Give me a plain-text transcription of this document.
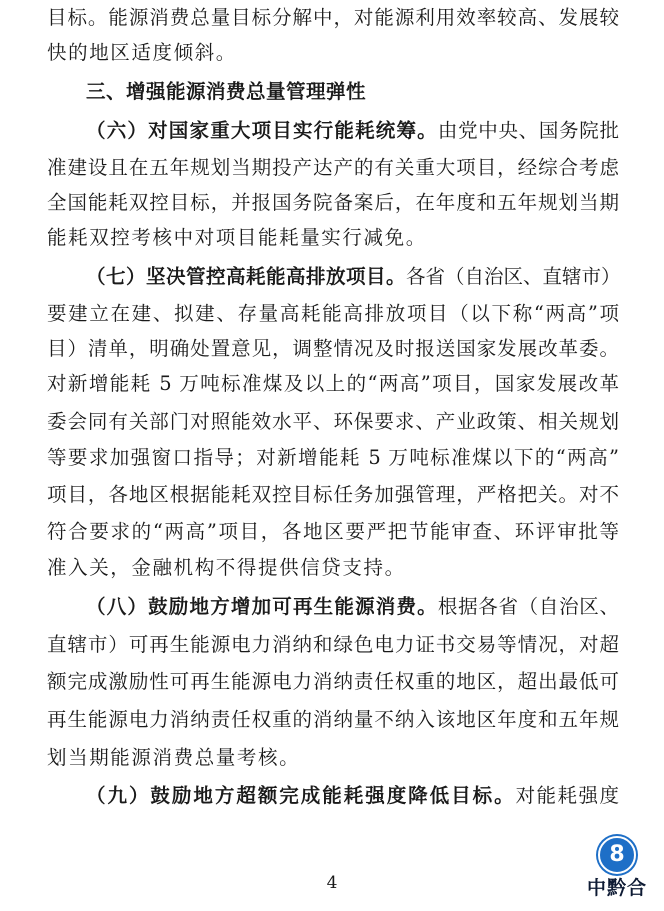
目标。能源消费总量目标分解中，对能源利用效率较高、发展较
快的地区适度倾斜。
三、增强能源消费总量管理弹性
（六）对国家重大项目实行能耗统筹。由党中央、国务院批
准建设且在五年规划当期投产达产的有关重大项目，经综合考虑
全国能耗双控目标，并报国务院备案后，在年度和五年规划当期
能耗双控考核中对项目能耗量实行减免。
（七）坚决管控高耗能高排放项目。各省（自治区、直辖市）
要建立在建、拟建、存量高耗能高排放项目（以下称“两高”项
目）清单，明确处置意见，调整情况及时报送国家发展改革委。
对新增能耗 5 万吨标准煤及以上的“两高”项目，国家发展改革
委会同有关部门对照能效水平、环保要求、产业政策、相关规划
等要求加强窗口指导；对新增能耗 5 万吨标准煤以下的“两高”
项目，各地区根据能耗双控目标任务加强管理，严格把关。对不
符合要求的“两高”项目，各地区要严把节能审查、环评审批等
准入关，金融机构不得提供信贷支持。
（八）鼓励地方增加可再生能源消费。根据各省（自治区、
直辖市）可再生能源电力消纳和绿色电力证书交易等情况，对超
额完成激励性可再生能源电力消纳责任权重的地区，超出最低可
再生能源电力消纳责任权重的消纳量不纳入该地区年度和五年规
划当期能源消费总量考核。
（九）鼓励地方超额完成能耗强度降低目标。对能耗强度
4
8
中黔合
